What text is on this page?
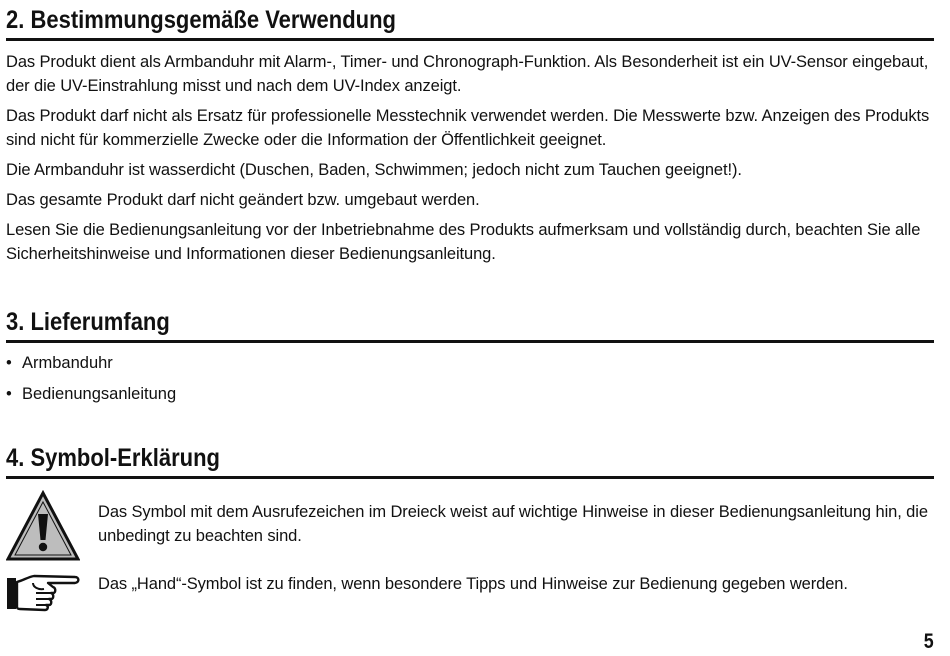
2. Bestimmungsgemäße Verwendung

Das Produkt dient als Armbanduhr mit Alarm-, Timer- und Chronograph-Funktion. Als Besonderheit ist ein UV-Sensor eingebaut, der die UV-Einstrahlung misst und nach dem UV-Index anzeigt.

Das Produkt darf nicht als Ersatz für professionelle Messtechnik verwendet werden. Die Messwerte bzw. Anzeigen des Produkts sind nicht für kommerzielle Zwecke oder die Information der Öffentlichkeit geeignet.

Die Armbanduhr ist wasserdicht (Duschen, Baden, Schwimmen; jedoch nicht zum Tauchen geeignet!).

Das gesamte Produkt darf nicht geändert bzw. umgebaut werden.

Lesen Sie die Bedienungsanleitung vor der Inbetriebnahme des Produkts aufmerksam und vollständig durch, beachten Sie alle Sicherheitshinweise und Informationen dieser Bedienungsanleitung.

3. Lieferumfang
• Armbanduhr
• Bedienungsanleitung
4. Symbol-Erklärung

Das Symbol mit dem Ausrufezeichen im Dreieck weist auf wichtige Hinweise in dieser Bedienungsanleitung hin, die unbedingt zu beachten sind.

Das „Hand“-Symbol ist zu finden, wenn besondere Tipps und Hinweise zur Bedienung gegeben werden.

5
